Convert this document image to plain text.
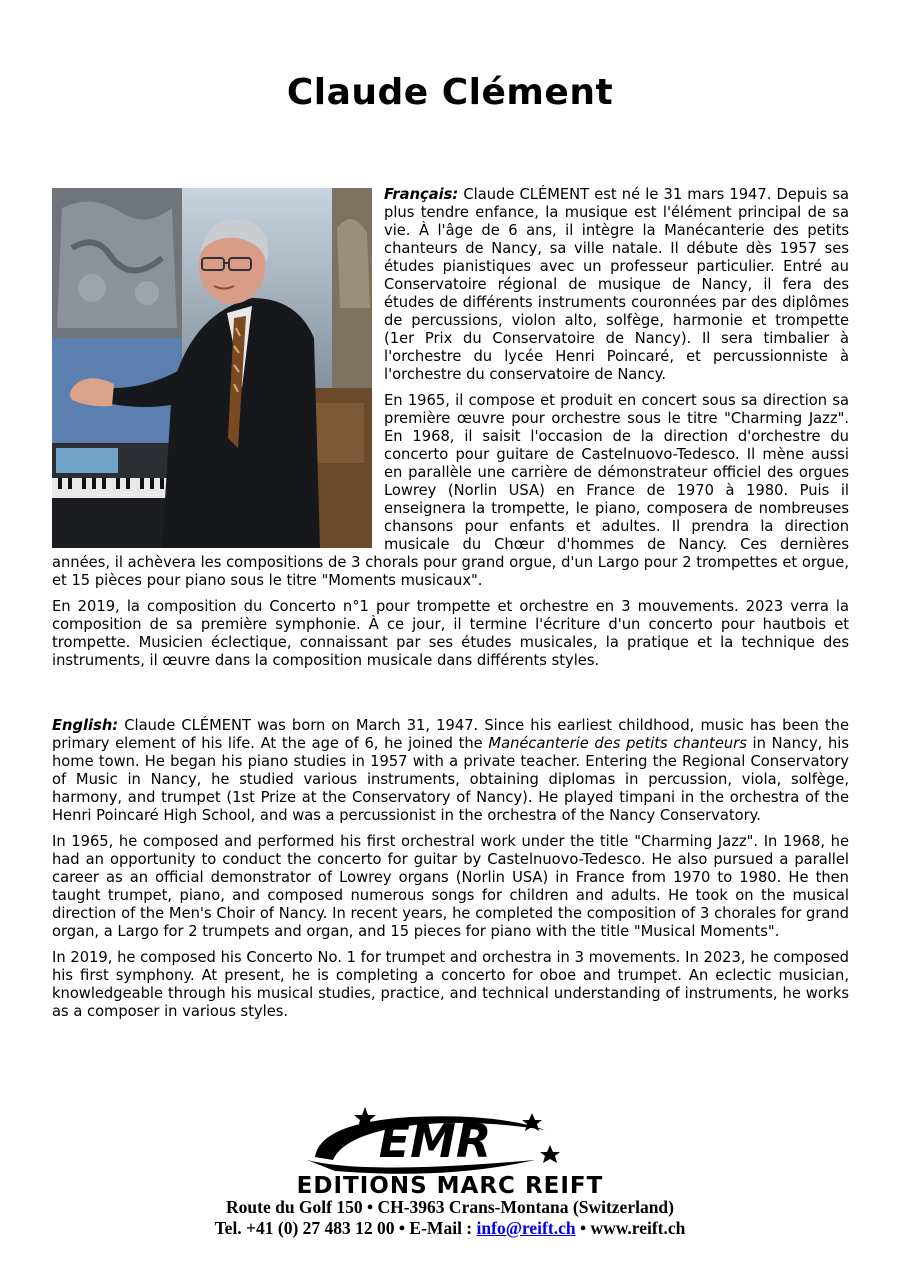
Claude Clément

Français: Claude CLÉMENT est né le 31 mars 1947. Depuis sa plus tendre enfance, la musique est l'élément principal de sa vie. À l'âge de 6 ans, il intègre la Manécanterie des petits chanteurs de Nancy, sa ville natale. Il débute dès 1957 ses études pianistiques avec un professeur particulier. Entré au Conservatoire régional de musique de Nancy, il fera des études de différents instruments couronnées par des diplômes de percussions, violon alto, solfège, harmonie et trompette (1er Prix du Conservatoire de Nancy). Il sera timbalier à l'orchestre du lycée Henri Poincaré, et percussionniste à l'orchestre du conservatoire de Nancy.

En 1965, il compose et produit en concert sous sa direction sa première œuvre pour orchestre sous le titre "Charming Jazz". En 1968, il saisit l'occasion de la direction d'orchestre du concerto pour guitare de Castelnuovo-Tedesco. Il mène aussi en parallèle une carrière de démonstrateur officiel des orgues Lowrey (Norlin USA) en France de 1970 à 1980. Puis il enseignera la trompette, le piano, composera de nombreuses chansons pour enfants et adultes. Il prendra la direction musicale du Chœur d'hommes de Nancy. Ces dernières années, il achèvera les compositions de 3 chorals pour grand orgue, d'un Largo pour 2 trompettes et orgue, et 15 pièces pour piano sous le titre "Moments musicaux".

En 2019, la composition du Concerto n°1 pour trompette et orchestre en 3 mouvements. 2023 verra la composition de sa première symphonie. À ce jour, il termine l'écriture d'un concerto pour hautbois et trompette. Musicien éclectique, connaissant par ses études musicales, la pratique et la technique des instruments, il œuvre dans la composition musicale dans différents styles.

English: Claude CLÉMENT was born on March 31, 1947. Since his earliest childhood, music has been the primary element of his life. At the age of 6, he joined the Manécanterie des petits chanteurs in Nancy, his home town. He began his piano studies in 1957 with a private teacher. Entering the Regional Conservatory of Music in Nancy, he studied various instruments, obtaining diplomas in percussion, viola, solfège, harmony, and trumpet (1st Prize at the Conservatory of Nancy). He played timpani in the orchestra of the Henri Poincaré High School, and was a percussionist in the orchestra of the Nancy Conservatory.

In 1965, he composed and performed his first orchestral work under the title "Charming Jazz". In 1968, he had an opportunity to conduct the concerto for guitar by Castelnuovo-Tedesco. He also pursued a parallel career as an official demonstrator of Lowrey organs (Norlin USA) in France from 1970 to 1980. He then taught trumpet, piano, and composed numerous songs for children and adults. He took on the musical direction of the Men's Choir of Nancy. In recent years, he completed the composition of 3 chorales for grand organ, a Largo for 2 trumpets and organ, and 15 pieces for piano with the title "Musical Moments".

In 2019, he composed his Concerto No. 1 for trumpet and orchestra in 3 movements. In 2023, he composed his first symphony. At present, he is completing a concerto for oboe and trumpet. An eclectic musician, knowledgeable through his musical studies, practice, and technical understanding of instruments, he works as a composer in various styles.

EMR
EDITIONS MARC REIFT
Route du Golf 150 • CH-3963 Crans-Montana (Switzerland)
Tel. +41 (0) 27 483 12 00 • E-Mail : info@reift.ch • www.reift.ch
